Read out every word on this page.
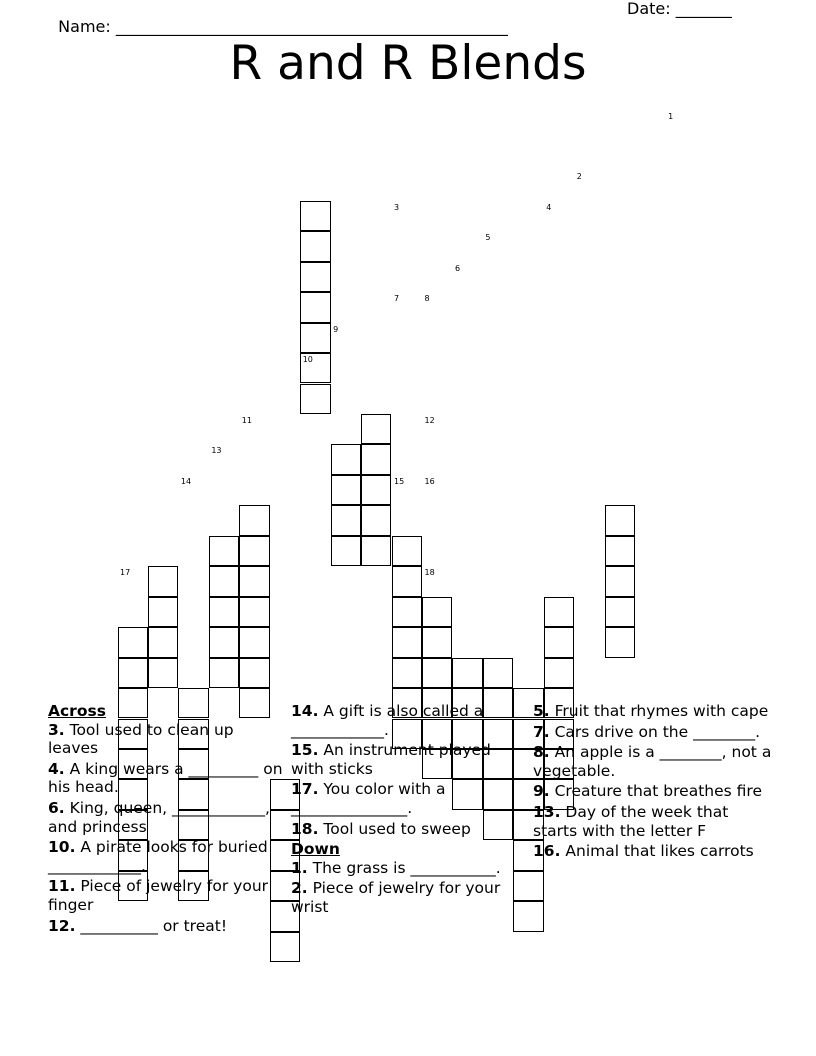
Name: _________________________________________________

Date: _______

R and R Blends
1
2
3	4
5
6
7	8
9
10
11	12
13
14	15	16
17	18
Across
3. Tool used to clean up leaves
4. A king wears a _________ on his head.
6. King, queen, ____________, and princess
10. A pirate looks for buried ____________.
11. Piece of jewelry for your finger
12. __________ or treat!
14. A gift is also called a ____________.
15. An instrument played with sticks
17. You color with a _______________.
18. Tool used to sweep
Down
1. The grass is ___________.
2. Piece of jewelry for your wrist
5. Fruit that rhymes with cape
7. Cars drive on the ________.
8. An apple is a ________, not a vegetable.
9. Creature that breathes fire
13. Day of the week that starts with the letter F
16. Animal that likes carrots
